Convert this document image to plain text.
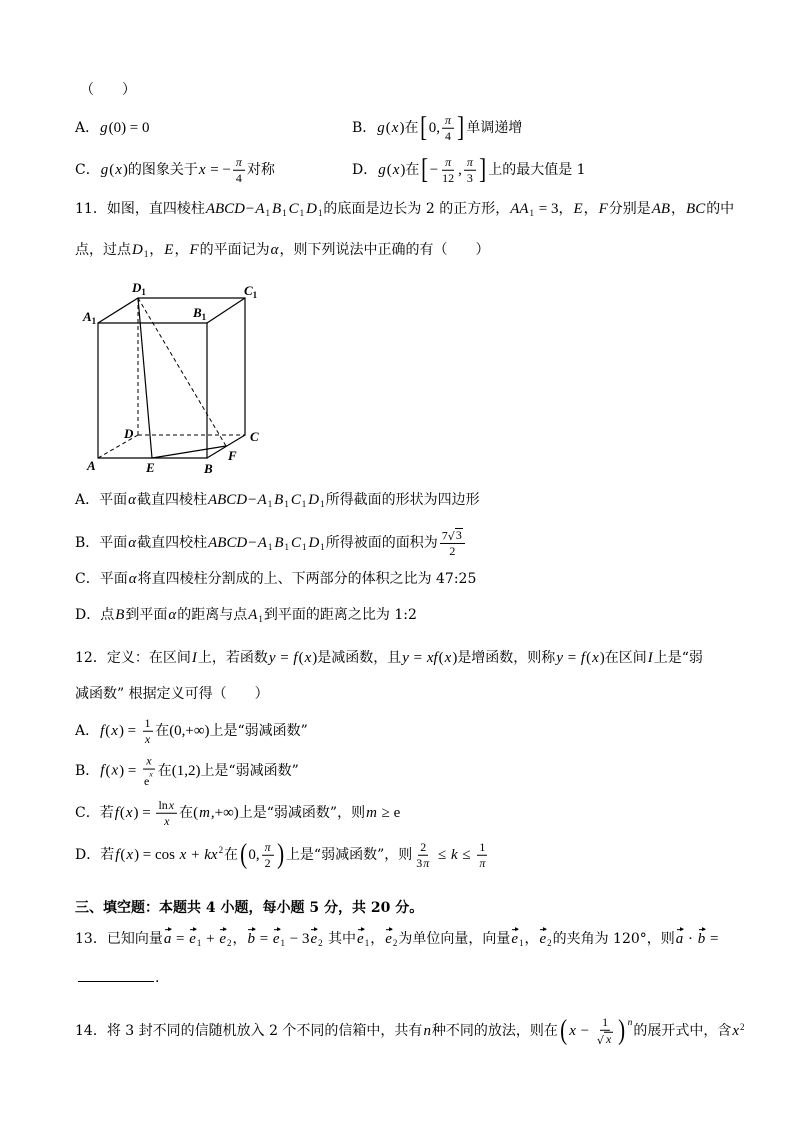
（　　）
A．g(0) = 0	B．g(x)在 [ 0, $\frac{\pi}{4}$ ] 单调递增
C．g(x)的图象关于x = − $\frac{\pi}{4}$ 对称	D．g(x)在 [ − $\frac{\pi}{12}$ , $\frac{\pi}{3}$ ] 上的最大值是 1
11．如图，直四棱柱ABCD−A1 B1 C1 D1的底面是边长为 2 的正方形，AA1 = 3，E，F分别是AB，BC的中
点，过点D1，E，F的平面记为α，则下列说法中正确的有（　　）
$D_1$	$C_1$
$A_1$
$B_1$
D	C
A	E	B
F
A．平面α截直四棱柱ABCD−A1 B1 C1 D1所得截面的形状为四边形
B．平面α截直四校柱ABCD−A1 B1 C1 D1所得被面的面积为 $\frac{7 √ 3}{2}$
C．平面α将直四棱柱分割成的上、下两部分的体积之比为 47:25
D．点B到平面α的距离与点A1到平面的距离之比为 1:2
12．定义：在区间I上，若函数y = f(x)是减函数，且y = xf(x)是增函数，则称y = f(x)在区间I上是“弱
减函数” 根据定义可得（　　）
A．$f(x) = \frac{1}{x}$ 在(0,+∞)上是“弱减函数”
B．$f(x) = \frac{x}{e^x}$ 在(1,2)上是“弱减函数”
C．若$f(x) = \frac{\ln x}{x}$ 在(m,+∞)上是“弱减函数”，则m ≥ e
D．若$f(x) = \cos x + kx^2$在 ( 0, $\frac{\pi}{2}$ ) 上是“弱减函数”，则 $\frac{2}{3\pi} \le k \le \frac{1}{\pi}$
三、填空题：本题共 4 小题，每小题 5 分，共 20 分。
13．已知向量a = e1 + e2，b = e1 − 3e2 其中e1，e2为单位向量，向量e1，e2的夹角为 120°，则a · b =
.
14．将 3 封不同的信随机放入 2 个不同的信箱中，共有n种不同的放法，则在 ( $x - \frac{1}{√ x}$ ) $^n$的展开式中，含$x^2$
